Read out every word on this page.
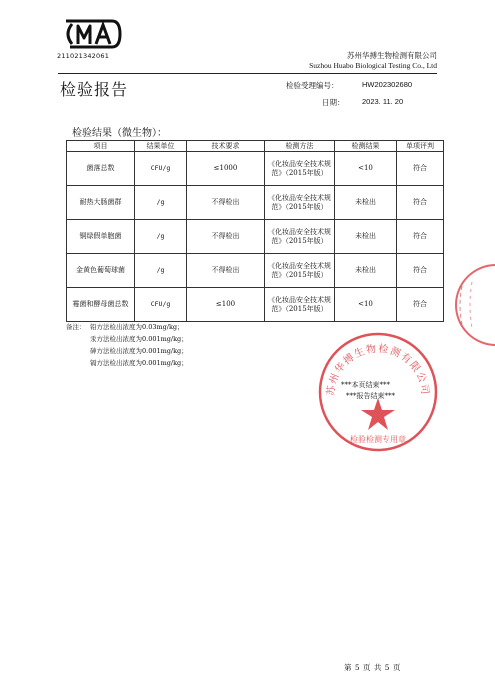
211021342061	苏州华搏生物检测有限公司
Suzhou Huabo Biological Testing Co., Ltd
检验报告	检验受理编号：	HW202302680
日期： 2023. 11. 20
检验结果（微生物）：
项目	结果单位	技术要求	检测方法	检测结果	单项评判
菌落总数	CFU/g	≤1000	《化妆品安全技术规范》（2015年版）	<10	符合
耐热大肠菌群	/g	不得检出	《化妆品安全技术规范》（2015年版）	未检出	符合
铜绿假单胞菌	/g	不得检出	《化妆品安全技术规范》（2015年版）	未检出	符合
金黄色葡萄球菌	/g	不得检出	《化妆品安全技术规范》（2015年版）	未检出	符合
霉菌和酵母菌总数	CFU/g	≤100	《化妆品安全技术规范》（2015年版）	<10	符合
备注： 铅方法检出浓度为0.03mg/kg；
汞方法检出浓度为0.001mg/kg；
砷方法检出浓度为0.001mg/kg；
镉方法检出浓度为0.001mg/kg；
苏州华搏生物检测有限公司
检验检测专用章
***本页结束***
***报告结束***
第 5 页 共 5 页
